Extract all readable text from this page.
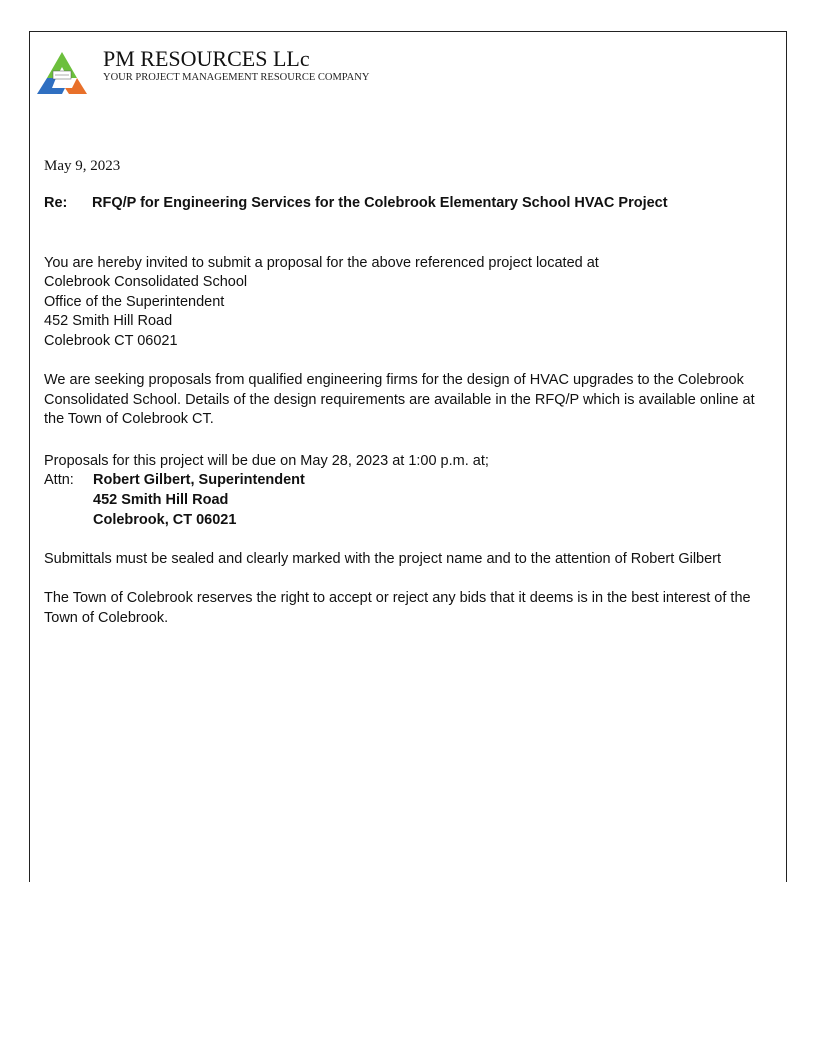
PM RESOURCES LLc
YOUR PROJECT MANAGEMENT RESOURCE COMPANY
May 9, 2023
Re: RFQ/P for Engineering Services for the Colebrook Elementary School HVAC Project
You are hereby invited to submit a proposal for the above referenced project located at
Colebrook Consolidated School
Office of the Superintendent
452 Smith Hill Road
Colebrook CT 06021
We are seeking proposals from qualified engineering firms for the design of HVAC upgrades to the Colebrook Consolidated School. Details of the design requirements are available in the RFQ/P which is available online at the Town of Colebrook CT.
Proposals for this project will be due on May 28, 2023 at 1:00 p.m. at;
Attn: Robert Gilbert, Superintendent
452 Smith Hill Road
Colebrook, CT 06021
Submittals must be sealed and clearly marked with the project name and to the attention of Robert Gilbert
The Town of Colebrook reserves the right to accept or reject any bids that it deems is in the best interest of the Town of Colebrook.
